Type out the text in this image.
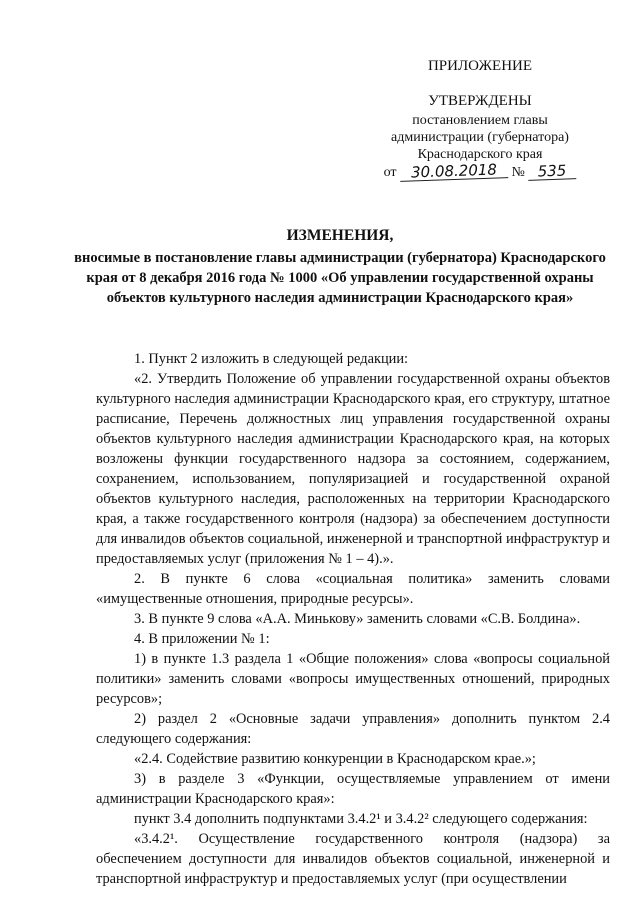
ПРИЛОЖЕНИЕ
УТВЕРЖДЕНЫ
постановлением главы
администрации (губернатора)
Краснодарского края
от 30.08.2018 № 535
ИЗМЕНЕНИЯ,
вносимые в постановление главы администрации (губернатора) Краснодарского края от 8 декабря 2016 года № 1000 «Об управлении государственной охраны объектов культурного наследия администрации Краснодарского края»

1. Пункт 2 изложить в следующей редакции:

«2. Утвердить Положение об управлении государственной охраны объектов культурного наследия администрации Краснодарского края, его структуру, штатное расписание, Перечень должностных лиц управления государственной охраны объектов культурного наследия администрации Краснодарского края, на которых возложены функции государственного надзора за состоянием, содержанием, сохранением, использованием, популяризацией и государственной охраной объектов культурного наследия, расположенных на территории Краснодарского края, а также государственного контроля (надзора) за обеспечением доступности для инвалидов объектов социальной, инженерной и транспортной инфраструктур и предоставляемых услуг (приложения № 1 – 4).».

2. В пункте 6 слова «социальная политика» заменить словами «имущественные отношения, природные ресурсы».

3. В пункте 9 слова «А.А. Минькову» заменить словами «С.В. Болдина».

4. В приложении № 1:

1) в пункте 1.3 раздела 1 «Общие положения» слова «вопросы социальной политики» заменить словами «вопросы имущественных отношений, природных ресурсов»;

2) раздел 2 «Основные задачи управления» дополнить пунктом 2.4 следующего содержания:

«2.4. Содействие развитию конкуренции в Краснодарском крае.»;

3) в разделе 3 «Функции, осуществляемые управлением от имени администрации Краснодарского края»:

пункт 3.4 дополнить подпунктами 3.4.2¹ и 3.4.2² следующего содержания:

«3.4.2¹. Осуществление государственного контроля (надзора) за обеспечением доступности для инвалидов объектов социальной, инженерной и транспортной инфраструктур и предоставляемых услуг (при осуществлении
